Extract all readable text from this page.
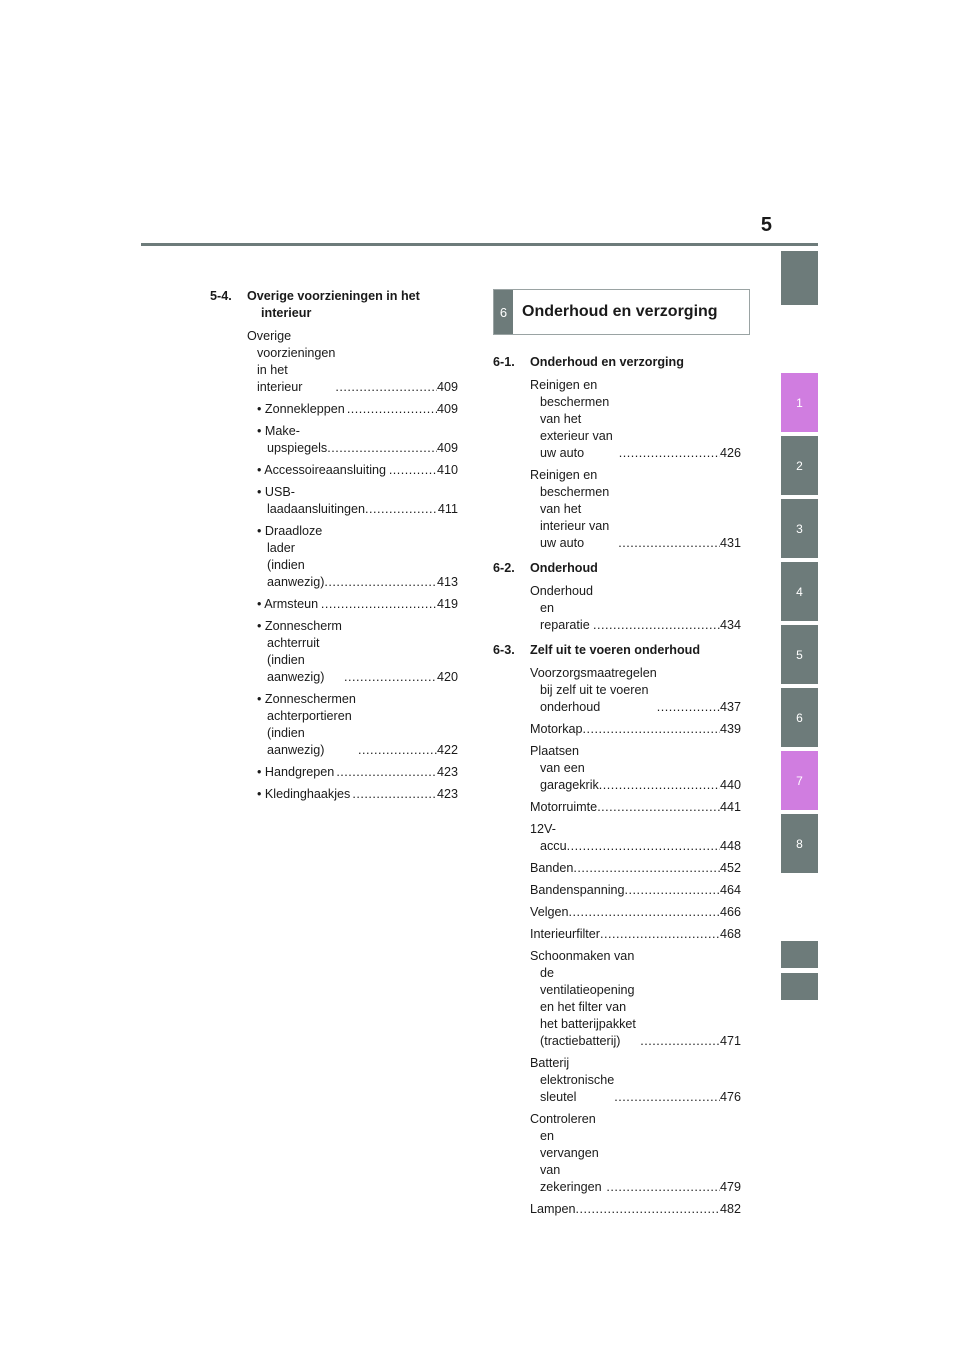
5
5-4. Overige voorzieningen in het interieur
Overige voorzieningen in het interieur .....	409
• Zonnekleppen .....	409
• Make-upspiegels .....	409
• Accessoireaansluiting .....	410
• USB-laadaansluitingen .....	411
• Draadloze lader (indien aanwezig) .....	413
• Armsteun .....	419
• Zonnescherm achterruit (indien aanwezig) .....	420
• Zonneschermen achterportieren (indien aanwezig) .....	422
• Handgrepen .....	423
• Kledinghaakjes .....	423
6 Onderhoud en verzorging
6-1. Onderhoud en verzorging
Reinigen en beschermen van het exterieur van uw auto .....	426
Reinigen en beschermen van het interieur van uw auto .....	431
6-2. Onderhoud
Onderhoud en reparatie .....	434
6-3. Zelf uit te voeren onderhoud
Voorzorgsmaatregelen bij zelf uit te voeren onderhoud .....	437
Motorkap .....	439
Plaatsen van een garagekrik .....	440
Motorruimte .....	441
12V-accu .....	448
Banden .....	452
Bandenspanning .....	464
Velgen .....	466
Interieurfilter .....	468
Schoonmaken van de ventilatieopening en het filter van het batterijpakket (tractiebatterij) .....	471
Batterij elektronische sleutel .....	476
Controleren en vervangen van zekeringen .....	479
Lampen .....	482
1
2
3
4
5
6
7
8
